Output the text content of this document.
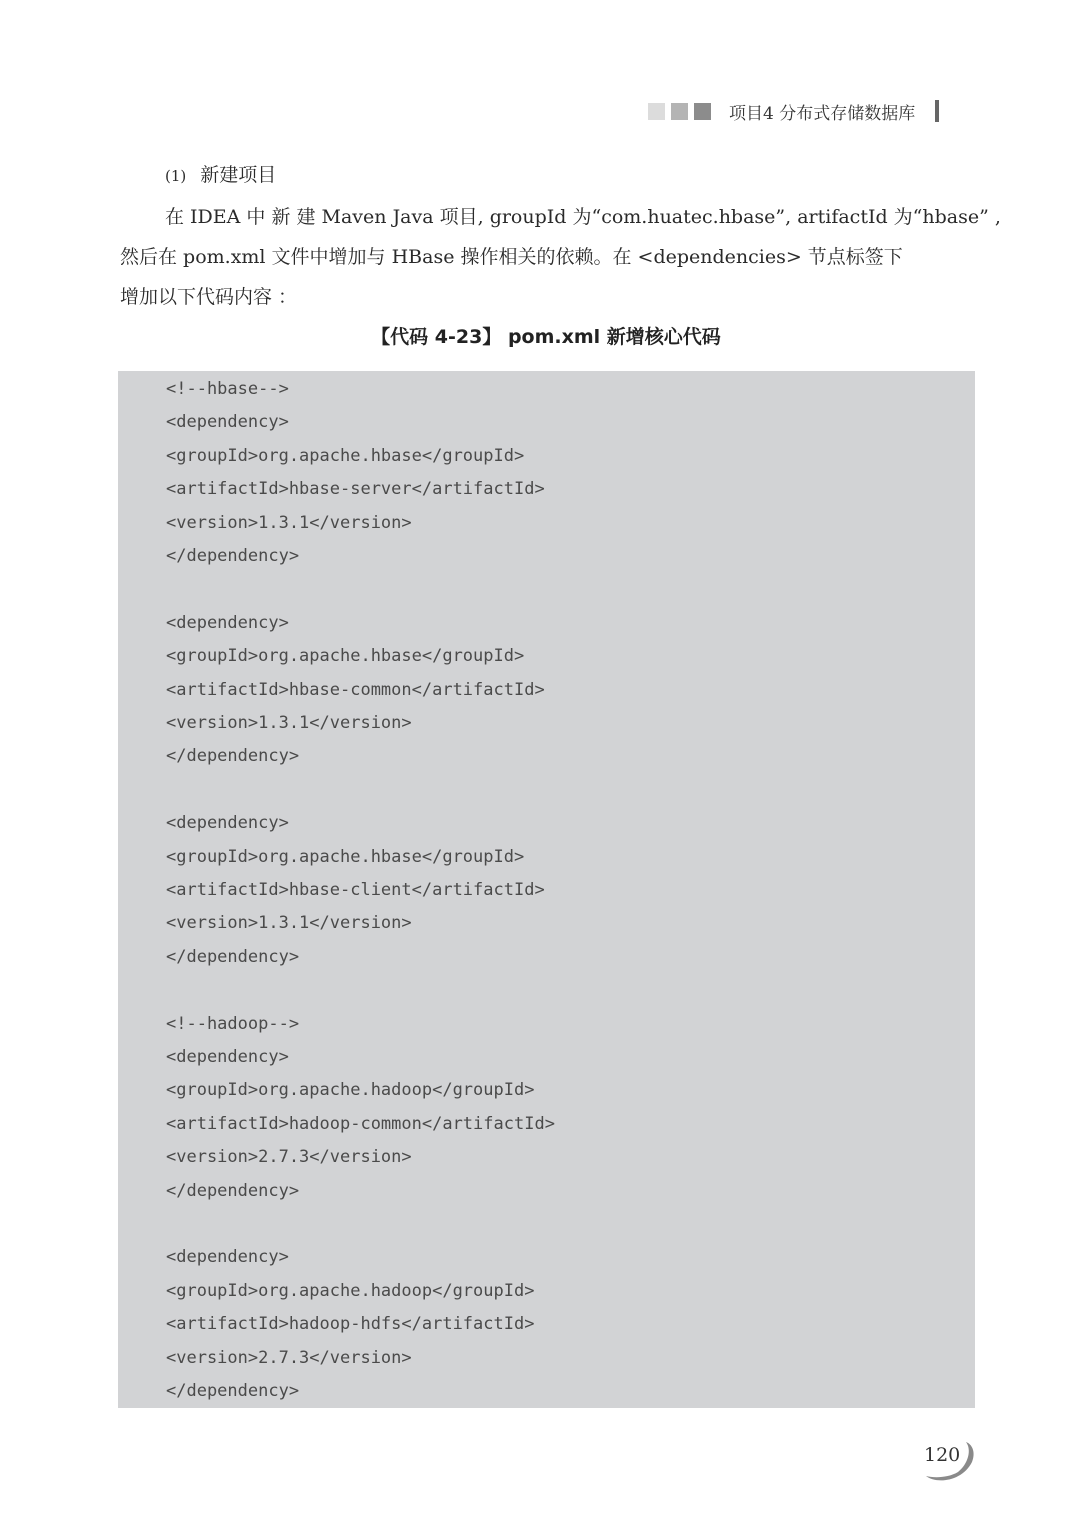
项目4 分布式存储数据库
(1) 新建项目
在 IDEA 中 新 建 Maven Java 项目, groupId 为“com.huatec.hbase”, artifactId 为“hbase” ,
然后在 pom.xml 文件中增加与 HBase 操作相关的依赖。在 <dependencies> 节点标签下
增加以下代码内容 ：
【代码 4-23】 pom.xml 新增核心代码
<!--hbase-->
<dependency>
<groupId>org.apache.hbase</groupId>
<artifactId>hbase-server</artifactId>
<version>1.3.1</version>
</dependency>
<dependency>
<groupId>org.apache.hbase</groupId>
<artifactId>hbase-common</artifactId>
<version>1.3.1</version>
</dependency>
<dependency>
<groupId>org.apache.hbase</groupId>
<artifactId>hbase-client</artifactId>
<version>1.3.1</version>
</dependency>
<!--hadoop-->
<dependency>
<groupId>org.apache.hadoop</groupId>
<artifactId>hadoop-common</artifactId>
<version>2.7.3</version>
</dependency>
<dependency>
<groupId>org.apache.hadoop</groupId>
<artifactId>hadoop-hdfs</artifactId>
<version>2.7.3</version>
</dependency>
120
